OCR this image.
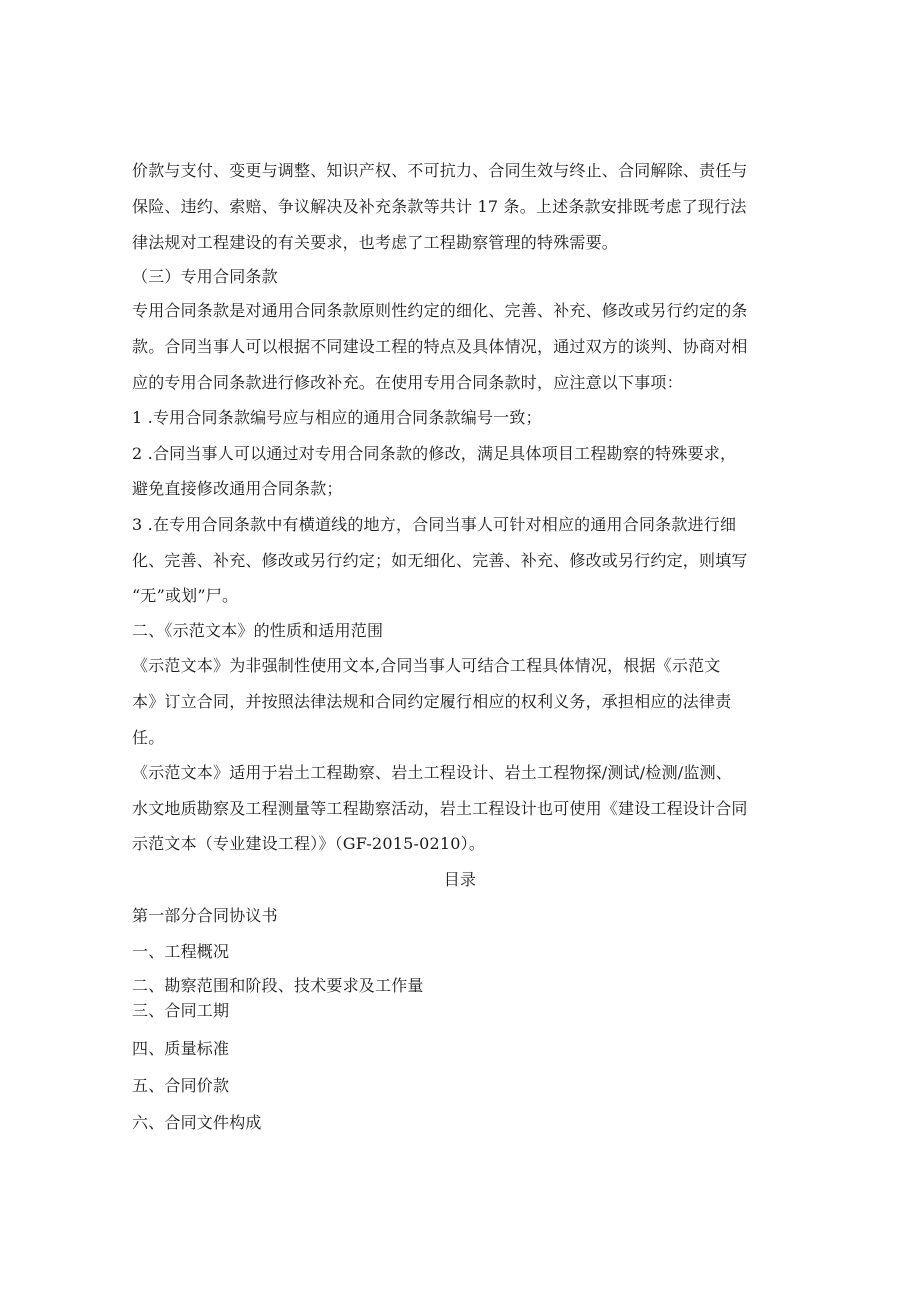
价款与支付、变更与调整、知识产权、不可抗力、合同生效与终止、合同解除、责任与
保险、违约、索赔、争议解决及补充条款等共计 17 条。上述条款安排既考虑了现行法
律法规对工程建设的有关要求，也考虑了工程勘察管理的特殊需要。
（三）专用合同条款
专用合同条款是对通用合同条款原则性约定的细化、完善、补充、修改或另行约定的条
款。合同当事人可以根据不同建设工程的特点及具体情况，通过双方的谈判、协商对相
应的专用合同条款进行修改补充。在使用专用合同条款时，应注意以下事项：
1 .专用合同条款编号应与相应的通用合同条款编号一致；
2 .合同当事人可以通过对专用合同条款的修改，满足具体项目工程勘察的特殊要求，
避免直接修改通用合同条款；
3 .在专用合同条款中有横道线的地方，合同当事人可针对相应的通用合同条款进行细
化、完善、补充、修改或另行约定；如无细化、完善、补充、修改或另行约定，则填写
“无”或划”尸。
二、《示范文本》的性质和适用范围
《示范文本》为非强制性使用文本,合同当事人可结合工程具体情况，根据《示范文
本》订立合同，并按照法律法规和合同约定履行相应的权利义务，承担相应的法律责
任。
《示范文本》适用于岩土工程勘察、岩土工程设计、岩土工程物探/测试/检测/监测、
水文地质勘察及工程测量等工程勘察活动，岩土工程设计也可使用《建设工程设计合同
示范文本（专业建设工程）》（GF-2015-0210）。
目录
第一部分合同协议书
一、工程概况
二、勘察范围和阶段、技术要求及工作量
三、合同工期
四、质量标准
五、合同价款
六、合同文件构成
